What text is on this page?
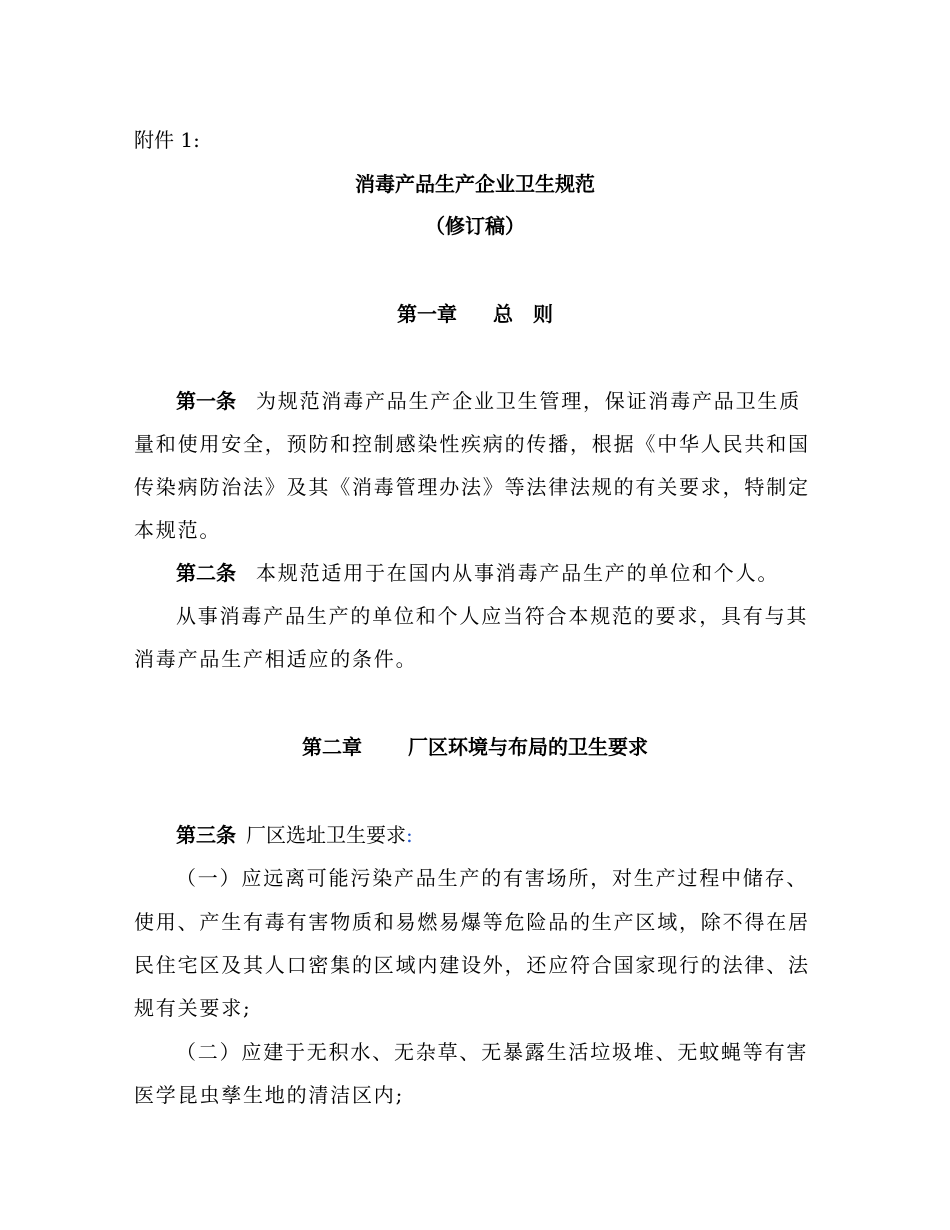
附件 1:
消毒产品生产企业卫生规范
（修订稿）
第一章 总　则
第一条 为规范消毒产品生产企业卫生管理，保证消毒产品卫生质
量和使用安全，预防和控制感染性疾病的传播，根据《中华人民共和国
传染病防治法》及其《消毒管理办法》等法律法规的有关要求，特制定
本规范。
第二条 本规范适用于在国内从事消毒产品生产的单位和个人。
从事消毒产品生产的单位和个人应当符合本规范的要求，具有与其
消毒产品生产相适应的条件。
第二章 厂区环境与布局的卫生要求
第三条 厂区选址卫生要求:
（一）应远离可能污染产品生产的有害场所，对生产过程中储存、
使用、产生有毒有害物质和易燃易爆等危险品的生产区域，除不得在居
民住宅区及其人口密集的区域内建设外，还应符合国家现行的法律、法
规有关要求;
（二）应建于无积水、无杂草、无暴露生活垃圾堆、无蚊蝇等有害
医学昆虫孳生地的清洁区内;
